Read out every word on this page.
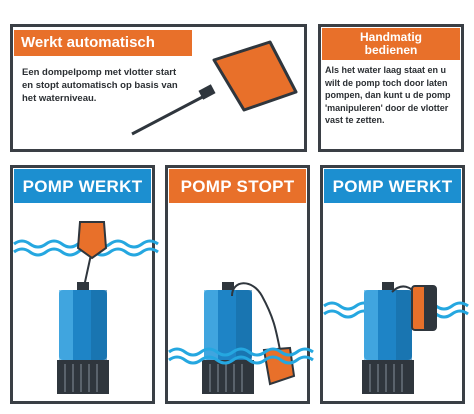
Werkt automatisch
Een dompelpomp met vlotter start en stopt automatisch op basis van het waterniveau.
Handmatig bedienen
Als het water laag staat en u wilt de pomp toch door laten pompen, dan kunt u de pomp 'manipuleren' door de vlotter vast te zetten.
POMP WERKT	POMP STOPT	POMP WERKT
